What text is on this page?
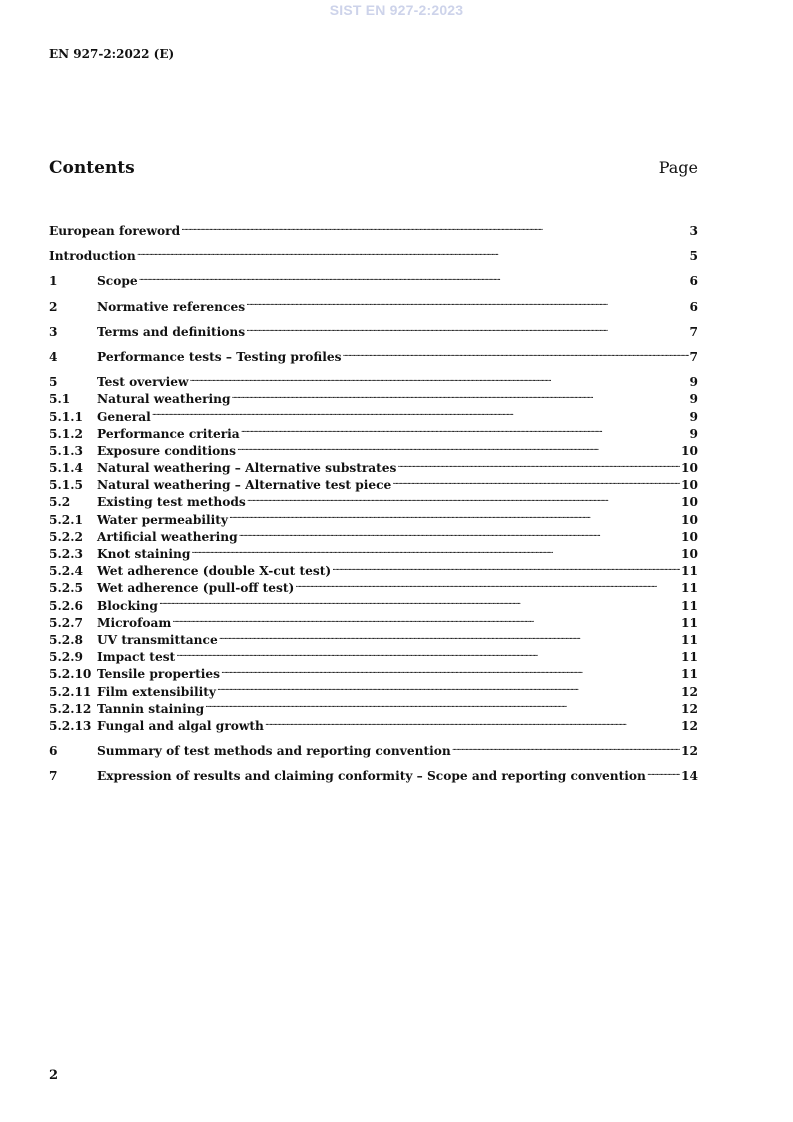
SIST EN 927-2:2023
EN 927-2:2022 (E)
Contents	Page
European foreword . . .	3
Introduction . . .	5
1	Scope . . .	6
2	Normative references . . .	6
3	Terms and definitions . . .	7
4	Performance tests – Testing profiles . . .	7
5	Test overview . . .	9
5.1	Natural weathering . . .	9
5.1.1	General . . .	9
5.1.2	Performance criteria . . .	9
5.1.3	Exposure conditions . . .	10
5.1.4	Natural weathering – Alternative substrates . . .	10
5.1.5	Natural weathering – Alternative test piece . . .	10
5.2	Existing test methods . . .	10
5.2.1	Water permeability . . .	10
5.2.2	Artificial weathering . . .	10
5.2.3	Knot staining . . .	10
5.2.4	Wet adherence (double X-cut test) . . .	11
5.2.5	Wet adherence (pull-off test) . . .	11
5.2.6	Blocking . . .	11
5.2.7	Microfoam . . .	11
5.2.8	UV transmittance . . .	11
5.2.9	Impact test . . .	11
5.2.10 Tensile properties . . .	11
5.2.11 Film extensibility . . .	12
5.2.12 Tannin staining . . .	12
5.2.13 Fungal and algal growth . . .	12
6	Summary of test methods and reporting convention . . .	12
7	Expression of results and claiming conformity – Scope and reporting convention . . .	14
2
